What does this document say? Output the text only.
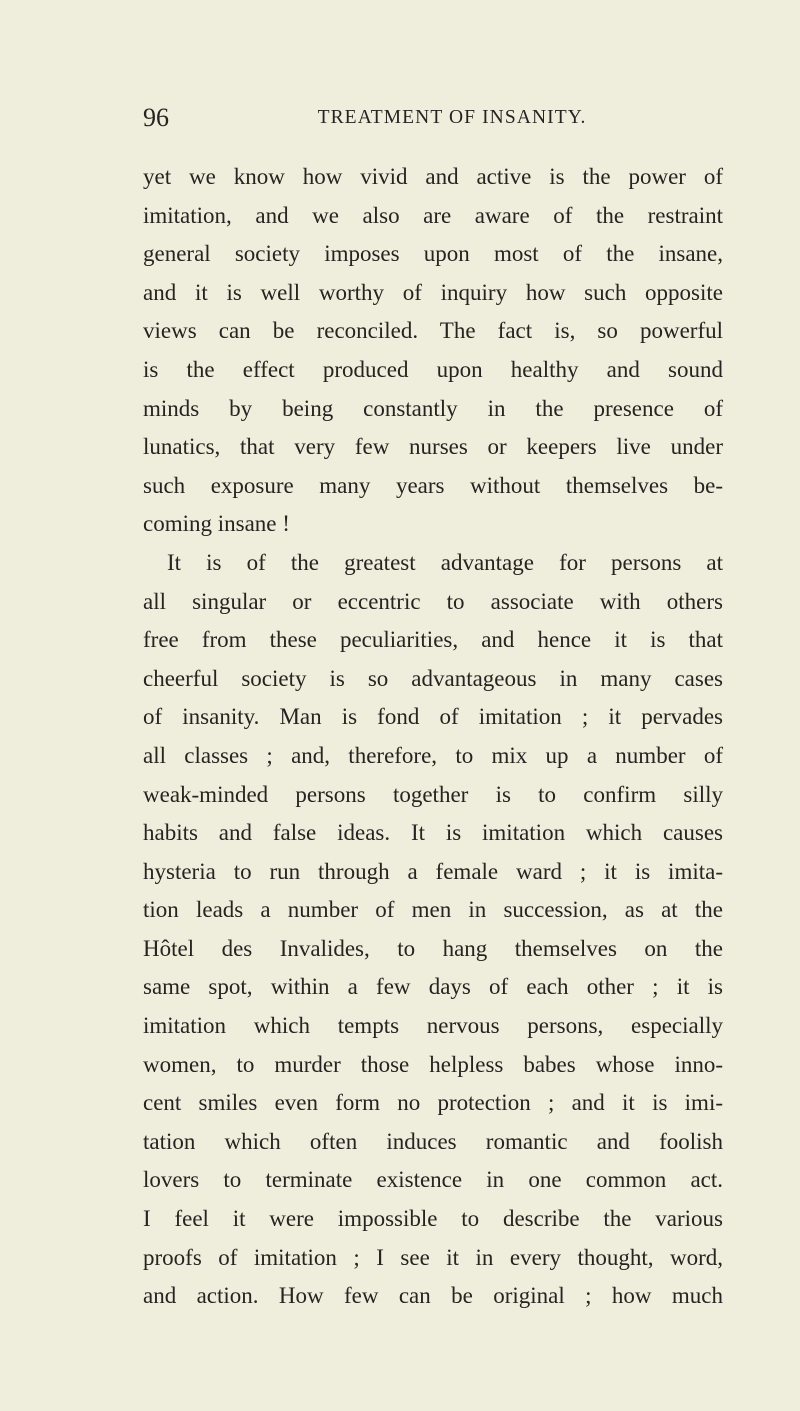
96	TREATMENT OF INSANITY.
yet we know how vivid and active is the power of
imitation, and we also are aware of the restraint
general society imposes upon most of the insane,
and it is well worthy of inquiry how such opposite
views can be reconciled. The fact is, so powerful
is the effect produced upon healthy and sound
minds by being constantly in the presence of
lunatics, that very few nurses or keepers live under
such exposure many years without themselves be-
coming insane !
It is of the greatest advantage for persons at
all singular or eccentric to associate with others
free from these peculiarities, and hence it is that
cheerful society is so advantageous in many cases
of insanity. Man is fond of imitation ; it pervades
all classes ; and, therefore, to mix up a number of
weak-minded persons together is to confirm silly
habits and false ideas. It is imitation which causes
hysteria to run through a female ward ; it is imita-
tion leads a number of men in succession, as at the
Hôtel des Invalides, to hang themselves on the
same spot, within a few days of each other ; it is
imitation which tempts nervous persons, especially
women, to murder those helpless babes whose inno-
cent smiles even form no protection ; and it is imi-
tation which often induces romantic and foolish
lovers to terminate existence in one common act.
I feel it were impossible to describe the various
proofs of imitation ; I see it in every thought, word,
and action. How few can be original ; how much
